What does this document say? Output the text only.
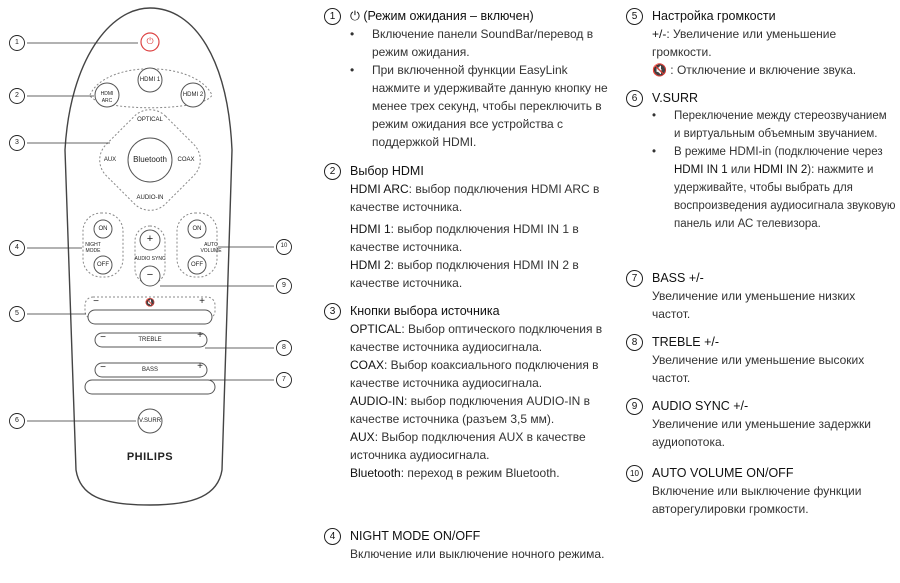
⏻
HDMI ARC
HDMI 1
HDMI 2
OPTICAL
AUX	Bluetooth	COAX
AUDIO-IN
ON
OFF
NIGHT MODE
ON
OFF
AUTO VOLUME
+
AUDIO SYNC
−
−	🔇	+
−	TREBLE	+
−	BASS	+
V.SURR
PHILIPS
1
2
3
4
5
6
7
8
9
10
1	⏻ (Режим ожидания – включен)
• Включение панели SoundBar/перевод в режим ожидания.
• При включенной функции EasyLink нажмите и удерживайте данную кнопку не менее трех секунд, чтобы переключить в режим ожидания все устройства с поддержкой HDMI.
2	Выбор HDMI
HDMI ARC: выбор подключения HDMI ARC в качестве источника.
HDMI 1: выбор подключения HDMI IN 1 в качестве источника.
HDMI 2: выбор подключения HDMI IN 2 в качестве источника.
3	Кнопки выбора источника
OPTICAL: Выбор оптического подключения в качестве источника аудиосигнала.
COAX: Выбор коаксиального подключения в качестве источника аудиосигнала.
AUDIO-IN: выбор подключения AUDIO-IN в качестве источника (разъем 3,5 мм).
AUX: Выбор подключения AUX в качестве источника аудиосигнала.
Bluetooth: переход в режим Bluetooth.
4	NIGHT MODE ON/OFF
Включение или выключение ночного режима.
5	Настройка громкости
+/-: Увеличение или уменьшение громкости.
🔇 : Отключение и включение звука.
6	V.SURR
• Переключение между стереозвучанием и виртуальным объемным звучанием.
• В режиме HDMI-in (подключение через HDMI IN 1 или HDMI IN 2): нажмите и удерживайте, чтобы выбрать для воспроизведения аудиосигнала звуковую панель или АС телевизора.
7	BASS +/-
Увеличение или уменьшение низких частот.
8	TREBLE +/-
Увеличение или уменьшение высоких частот.
9	AUDIO SYNC +/-
Увеличение или уменьшение задержки аудиопотока.
10	AUTO VOLUME ON/OFF
Включение или выключение функции авторегулировки громкости.
